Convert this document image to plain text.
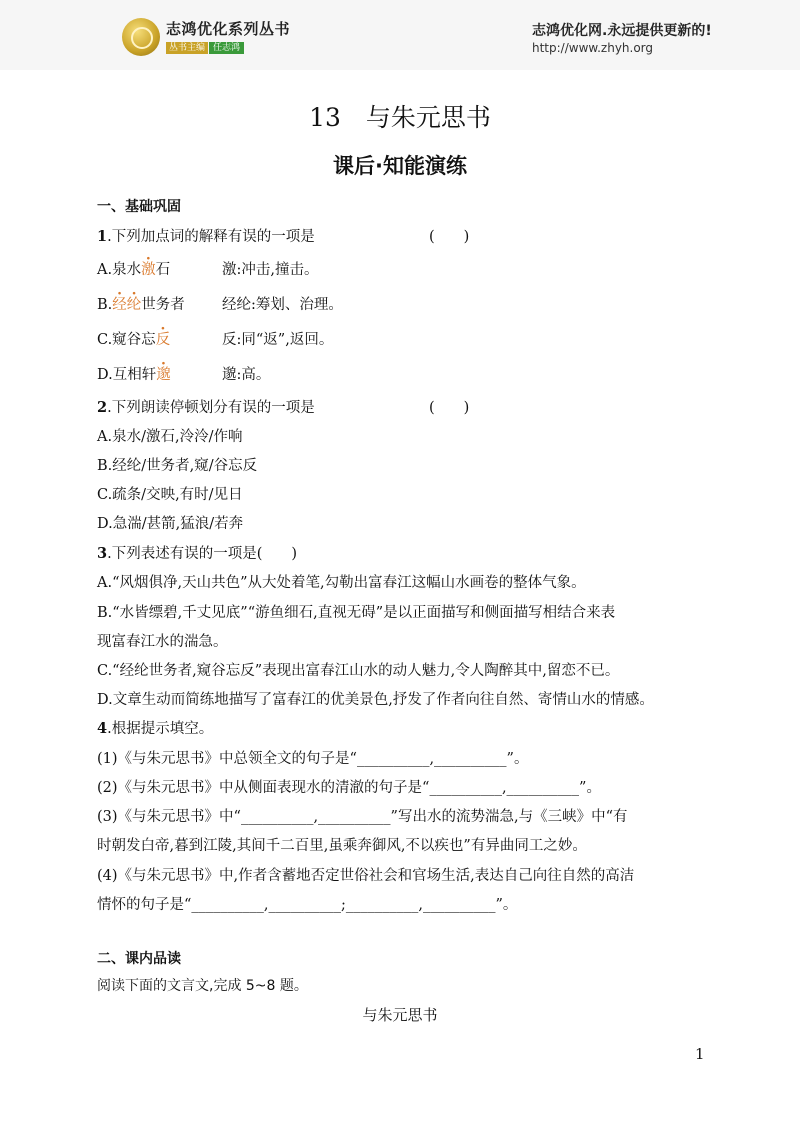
志鸿优化系列丛书
丛书主编 任志鸿
志鸿优化网.永远提供更新的!
http://www.zhyh.org
13　与朱元思书
课后·知能演练
一、基础巩固
1.下列加点词的解释有误的一项是	(　　)
A.泉水激石	激:冲击,撞击。
B.经纶世务者	经纶:筹划、治理。
C.窥谷忘反	反:同“返”,返回。
D.互相轩邈	邈:高。
2.下列朗读停顿划分有误的一项是	(　　)
A.泉水/激石,泠泠/作响
B.经纶/世务者,窥/谷忘反
C.疏条/交映,有时/见日
D.急湍/甚箭,猛浪/若奔
3.下列表述有误的一项是(　　)
A.“风烟俱净,天山共色”从大处着笔,勾勒出富春江这幅山水画卷的整体气象。
B.“水皆缥碧,千丈见底”“游鱼细石,直视无碍”是以正面描写和侧面描写相结合来表
现富春江水的湍急。
C.“经纶世务者,窥谷忘反”表现出富春江山水的动人魅力,令人陶醉其中,留恋不已。
D.文章生动而简练地描写了富春江的优美景色,抒发了作者向往自然、寄情山水的情感。
4.根据提示填空。
(1)《与朱元思书》中总领全文的句子是“__________,__________”。
(2)《与朱元思书》中从侧面表现水的清澈的句子是“__________,__________”。
(3)《与朱元思书》中“__________,__________”写出水的流势湍急,与《三峡》中“有
时朝发白帝,暮到江陵,其间千二百里,虽乘奔御风,不以疾也”有异曲同工之妙。
(4)《与朱元思书》中,作者含蓄地否定世俗社会和官场生活,表达自己向往自然的高洁
情怀的句子是“__________,__________;__________,__________”。
二、课内品读
阅读下面的文言文,完成 5~8 题。
与朱元思书
1
